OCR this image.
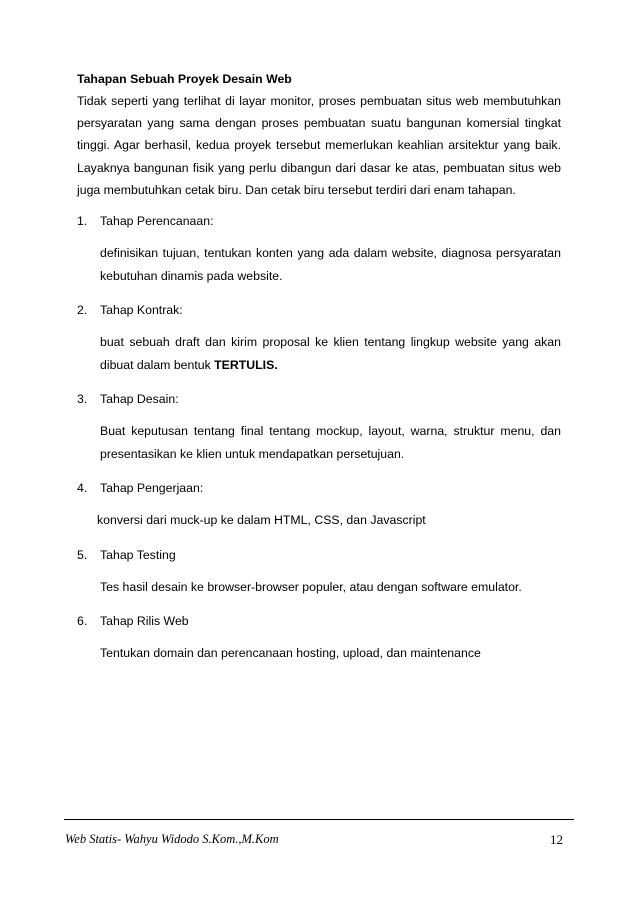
Tahapan Sebuah Proyek Desain Web

Tidak seperti yang terlihat di layar monitor, proses pembuatan situs web membutuhkan persyaratan yang sama dengan proses pembuatan suatu bangunan komersial tingkat tinggi. Agar berhasil, kedua proyek tersebut memerlukan keahlian arsitektur yang baik. Layaknya bangunan fisik yang perlu dibangun dari dasar ke atas, pembuatan situs web juga membutuhkan cetak biru. Dan cetak biru tersebut terdiri dari enam tahapan.

1.	Tahap Perencanaan:
definisikan tujuan, tentukan konten yang ada dalam website, diagnosa persyaratan kebutuhan dinamis pada website.
2.	Tahap Kontrak:
buat sebuah draft dan kirim proposal ke klien tentang lingkup website yang akan dibuat dalam bentuk TERTULIS.
3.	Tahap Desain:
Buat keputusan tentang final tentang mockup, layout, warna, struktur menu, dan presentasikan ke klien untuk mendapatkan persetujuan.
4.	Tahap Pengerjaan:
konversi dari muck-up ke dalam HTML, CSS, dan Javascript
5.	Tahap Testing
Tes hasil desain ke browser-browser populer, atau dengan software emulator.
6.	Tahap Rilis Web
Tentukan domain dan perencanaan hosting, upload, dan maintenance
Web Statis- Wahyu Widodo S.Kom.,M.Kom	12
